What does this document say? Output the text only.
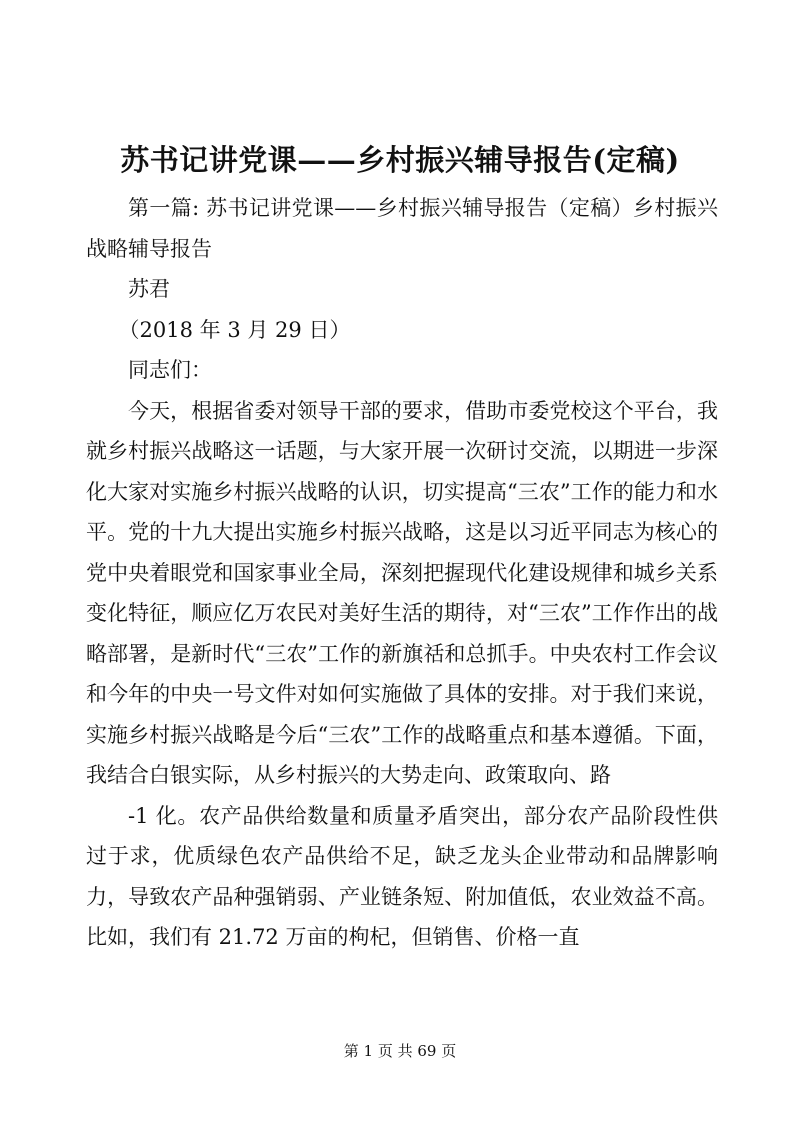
苏书记讲党课——乡村振兴辅导报告(定稿)

第一篇: 苏书记讲党课——乡村振兴辅导报告（定稿）乡村振兴战略辅导报告

苏君

（2018 年 3 月 29 日）

同志们：

今天，根据省委对领导干部的要求，借助市委党校这个平台，我就乡村振兴战略这一话题，与大家开展一次研讨交流，以期进一步深化大家对实施乡村振兴战略的认识，切实提高“三农”工作的能力和水平。党的十九大提出实施乡村振兴战略，这是以习近平同志为核心的党中央着眼党和国家事业全局，深刻把握现代化建设规律和城乡关系变化特征，顺应亿万农民对美好生活的期待，对“三农”工作作出的战略部署，是新时代“三农”工作的新旗䄆和总抓手。中央农村工作会议和今年的中央一号文件对如何实施做了具体的安排。对于我们来说，实施乡村振兴战略是今后“三农”工作的战略重点和基本遵循。下面，我结合白银实际，从乡村振兴的大势走向、政策取向、路

-1 化。农产品供给数量和质量矛盾突出，部分农产品阶段性供过于求，优质绿色农产品供给不足，缺乏龙头企业带动和品牌影响力，导致农产品种强销弱、产业链条短、附加值低，农业效益不高。比如，我们有 21.72 万亩的枸杞，但销售、价格一直

第 1 页 共 69 页
